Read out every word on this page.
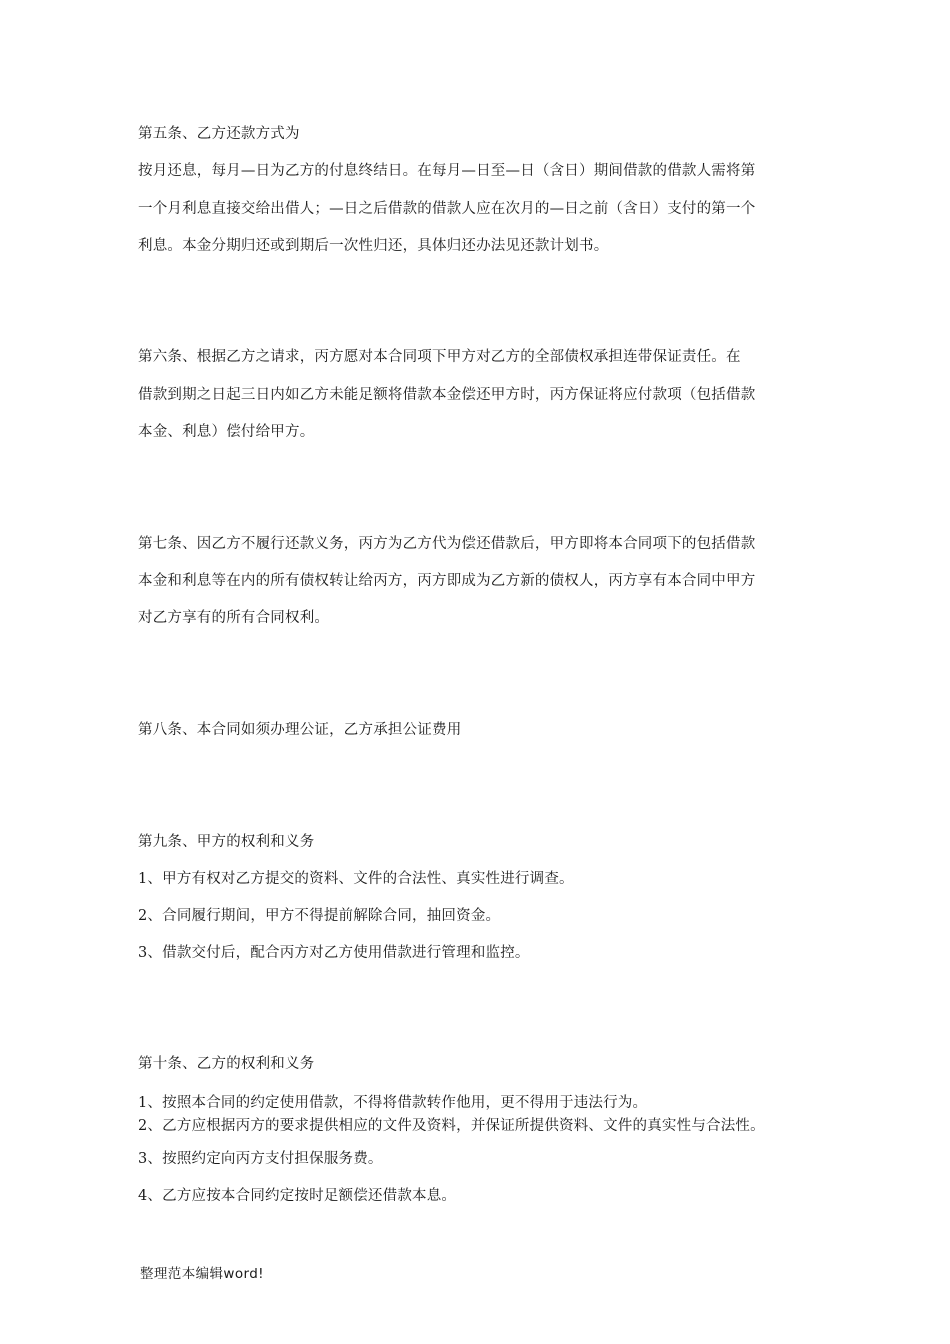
第五条、乙方还款方式为
按月还息，每月—日为乙方的付息终结日。在每月—日至—日（含日）期间借款的借款人需将第
一个月利息直接交给出借人；—日之后借款的借款人应在次月的—日之前（含日）支付的第一个
利息。本金分期归还或到期后一次性归还，具体归还办法见还款计划书。
第六条、根据乙方之请求，丙方愿对本合同项下甲方对乙方的全部债权承担连带保证责任。在
借款到期之日起三日内如乙方未能足额将借款本金偿还甲方时，丙方保证将应付款项（包括借款
本金、利息）偿付给甲方。
第七条、因乙方不履行还款义务，丙方为乙方代为偿还借款后，甲方即将本合同项下的包括借款
本金和利息等在内的所有债权转让给丙方，丙方即成为乙方新的债权人，丙方享有本合同中甲方
对乙方享有的所有合同权利。
第八条、本合同如须办理公证，乙方承担公证费用
第九条、甲方的权利和义务
1、甲方有权对乙方提交的资料、文件的合法性、真实性进行调查。
2、合同履行期间，甲方不得提前解除合同，抽回资金。
3、借款交付后，配合丙方对乙方使用借款进行管理和监控。
第十条、乙方的权利和义务
1、按照本合同的约定使用借款，不得将借款转作他用，更不得用于违法行为。
2、乙方应根据丙方的要求提供相应的文件及资料，并保证所提供资料、文件的真实性与合法性。
3、按照约定向丙方支付担保服务费。
4、乙方应按本合同约定按时足额偿还借款本息。
整理范本编辑word!
